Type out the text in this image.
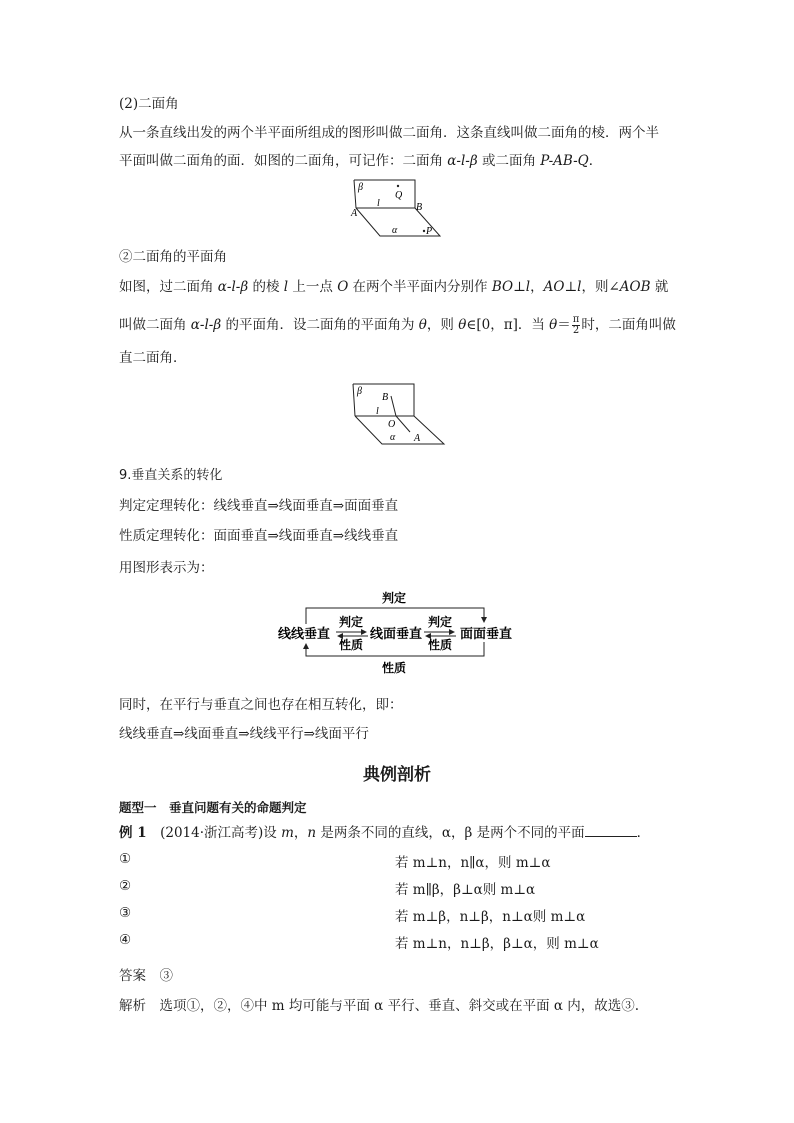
(2)二面角
从一条直线出发的两个半平面所组成的图形叫做二面角．这条直线叫做二面角的棱．两个半
平面叫做二面角的面．如图的二面角，可记作：二面角 α-l-β 或二面角 P-AB-Q．
β
Q
A
l	B
α	P
②二面角的平面角
如图，过二面角 α-l-β 的棱 l 上一点 O 在两个半平面内分别作 BO⊥l，AO⊥l，则∠AOB 就
叫做二面角 α-l-β 的平面角．设二面角的平面角为 θ，则 θ∈[0，π]．当 $\theta= \frac{\pi}{2}$ 时，二面角叫做
直二面角．
β
B
l
O
α A
9.垂直关系的转化
判定定理转化：线线垂直⇒线面垂直⇒面面垂直
性质定理转化：面面垂直⇒线面垂直⇒线线垂直
用图形表示为：
判定
性质
线线垂直	线面垂直	面面垂直
判定
性质
判定
性质
同时，在平行与垂直之间也存在相互转化，即：
线线垂直⇒线面垂直⇒线线平行⇒线面平行
典例剖析
题型一　垂直问题有关的命题判定
例 1　(2014·浙江高考)设 m，n 是两条不同的直线，α，β 是两个不同的平面	．
①	若 m⊥n，n∥α，则 m⊥α
②	若 m∥β，β⊥α则 m⊥α
③	若 m⊥β，n⊥β，n⊥α则 m⊥α
④	若 m⊥n，n⊥β，β⊥α，则 m⊥α
答案　 ③
解析　 选项①，②，④中 m 均可能与平面 α 平行、垂直、斜交或在平面 α 内，故选③.
